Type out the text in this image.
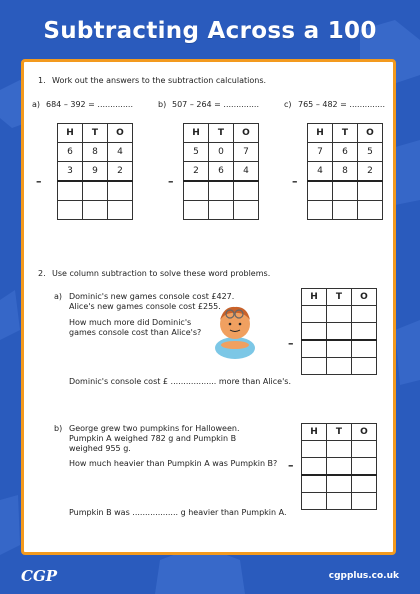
Subtracting Across a 100
1. Work out the answers to the subtraction calculations.
a) 684 – 392 = ..............
H	T	O
6	8	4
3	9	2

–
b) 507 – 264 = ..............
H	T	O
5	0	7
2	6	4

–
c) 765 – 482 = ..............
H	T	O
7	6	5
4	8	2

–
2. Use column subtraction to solve these word problems.
a) Dominic's new games console cost £427.
Alice's new games console cost £255.
How much more did Dominic's
games console cost than Alice's?
Dominic's console cost £ .................. more than Alice's.
H	T	O

–
b) George grew two pumpkins for Halloween.
Pumpkin A weighed 782 g and Pumpkin B
weighed 955 g.
How much heavier than Pumpkin A was Pumpkin B?
Pumpkin B was .................. g heavier than Pumpkin A.
H	T	O

–
CGP	cgpplus.co.uk
